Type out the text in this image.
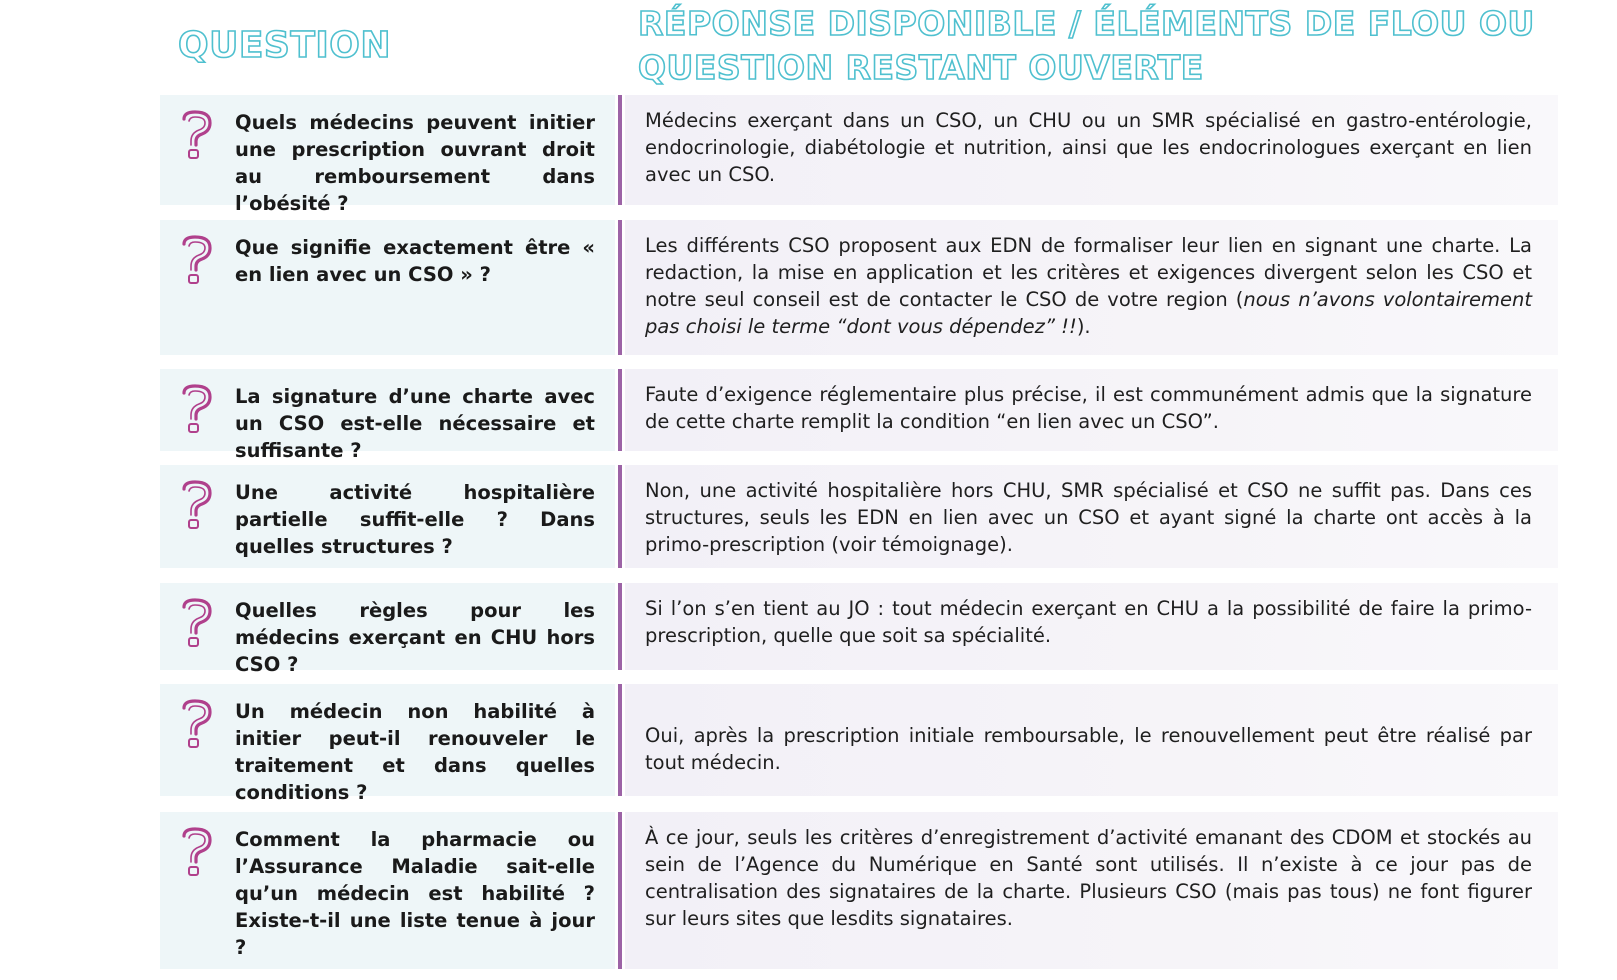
QUESTION
RÉPONSE DISPONIBLE / ÉLÉMENTS DE FLOU OU QUESTION RESTANT OUVERTE

Quels médecins peuvent initier une prescription ouvrant droit au remboursement dans l’obésité ?

Médecins exerçant dans un CSO, un CHU ou un SMR spécialisé en gastro-entérologie, endocrinologie, diabétologie et nutrition, ainsi que les endocrinologues exerçant en lien avec un CSO.

Que signifie exactement être « en lien avec un CSO » ?

Les différents CSO proposent aux EDN de formaliser leur lien en signant une charte. La redaction, la mise en application et les critères et exigences divergent selon les CSO et notre seul conseil est de contacter le CSO de votre region (nous n’avons volontairement pas choisi le terme “dont vous dépendez” !!).

La signature d’une charte avec un CSO est-elle nécessaire et suffisante ?

Faute d’exigence réglementaire plus précise, il est communément admis que la signature de cette charte remplit la condition “en lien avec un CSO”.

Une activité hospitalière partielle suffit-elle ? Dans quelles structures ?

Non, une activité hospitalière hors CHU, SMR spécialisé et CSO ne suffit pas. Dans ces structures, seuls les EDN en lien avec un CSO et ayant signé la charte ont accès à la primo-prescription (voir témoignage).

Quelles règles pour les médecins exerçant en CHU hors CSO ?

Si l’on s’en tient au JO : tout médecin exerçant en CHU a la possibilité de faire la primo-prescription, quelle que soit sa spécialité.

Un médecin non habilité à initier peut-il renouveler le traitement et dans quelles conditions ?

Oui, après la prescription initiale remboursable, le renouvellement peut être réalisé par tout médecin.

Comment la pharmacie ou l’Assurance Maladie sait-elle qu’un médecin est habilité ? Existe-t-il une liste tenue à jour ?

À ce jour, seuls les critères d’enregistrement d’activité emanant des CDOM et stockés au sein de l’Agence du Numérique en Santé sont utilisés. Il n’existe à ce jour pas de centralisation des signataires de la charte. Plusieurs CSO (mais pas tous) ne font figurer sur leurs sites que lesdits signataires.
